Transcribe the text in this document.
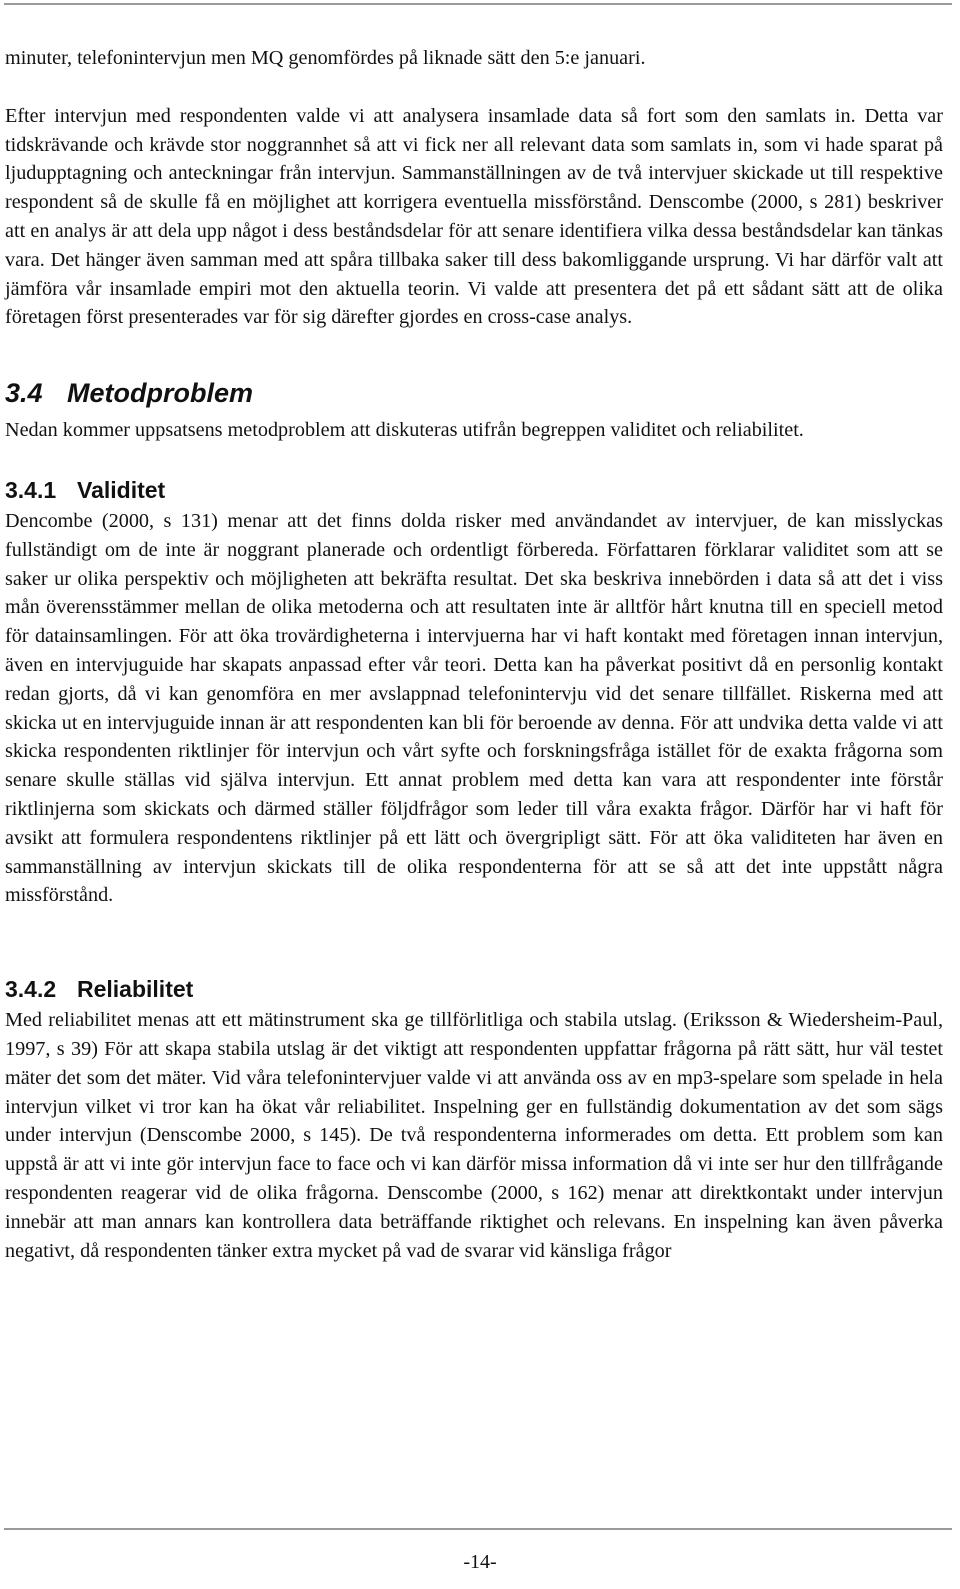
minuter, telefonintervjun men MQ genomfördes på liknade sätt den 5:e januari.

Efter intervjun med respondenten valde vi att analysera insamlade data så fort som den samlats in. Detta var tidskrävande och krävde stor noggrannhet så att vi fick ner all relevant data som samlats in, som vi hade sparat på ljudupptagning och anteckningar från intervjun. Sammanställningen av de två intervjuer skickade ut till respektive respondent så de skulle få en möjlighet att korrigera eventuella missförstånd. Denscombe (2000, s 281) beskriver att en analys är att dela upp något i dess beståndsdelar för att senare identifiera vilka dessa beståndsdelar kan tänkas vara. Det hänger även samman med att spåra tillbaka saker till dess bakomliggande ursprung. Vi har därför valt att jämföra vår insamlade empiri mot den aktuella teorin. Vi valde att presentera det på ett sådant sätt att de olika företagen först presenterades var för sig därefter gjordes en cross-case analys.

3.4 Metodproblem

Nedan kommer uppsatsens metodproblem att diskuteras utifrån begreppen validitet och reliabilitet.

3.4.1 Validitet

Dencombe (2000, s 131) menar att det finns dolda risker med användandet av intervjuer, de kan misslyckas fullständigt om de inte är noggrant planerade och ordentligt förbereda. Författaren förklarar validitet som att se saker ur olika perspektiv och möjligheten att bekräfta resultat. Det ska beskriva innebörden i data så att det i viss mån överensstämmer mellan de olika metoderna och att resultaten inte är alltför hårt knutna till en speciell metod för datainsamlingen. För att öka trovärdigheterna i intervjuerna har vi haft kontakt med företagen innan intervjun, även en intervjuguide har skapats anpassad efter vår teori. Detta kan ha påverkat positivt då en personlig kontakt redan gjorts, då vi kan genomföra en mer avslappnad telefonintervju vid det senare tillfället. Riskerna med att skicka ut en intervjuguide innan är att respondenten kan bli för beroende av denna. För att undvika detta valde vi att skicka respondenten riktlinjer för intervjun och vårt syfte och forskningsfråga istället för de exakta frågorna som senare skulle ställas vid själva intervjun. Ett annat problem med detta kan vara att respondenter inte förstår riktlinjerna som skickats och därmed ställer följdfrågor som leder till våra exakta frågor. Därför har vi haft för avsikt att formulera respondentens riktlinjer på ett lätt och övergripligt sätt. För att öka validiteten har även en sammanställning av intervjun skickats till de olika respondenterna för att se så att det inte uppstått några missförstånd.

3.4.2 Reliabilitet

Med reliabilitet menas att ett mätinstrument ska ge tillförlitliga och stabila utslag. (Eriksson & Wiedersheim-Paul, 1997, s 39) För att skapa stabila utslag är det viktigt att respondenten uppfattar frågorna på rätt sätt, hur väl testet mäter det som det mäter. Vid våra telefonintervjuer valde vi att använda oss av en mp3-spelare som spelade in hela intervjun vilket vi tror kan ha ökat vår reliabilitet. Inspelning ger en fullständig dokumentation av det som sägs under intervjun (Denscombe 2000, s 145). De två respondenterna informerades om detta. Ett problem som kan uppstå är att vi inte gör intervjun face to face och vi kan därför missa information då vi inte ser hur den tillfrågande respondenten reagerar vid de olika frågorna. Denscombe (2000, s 162) menar att direktkontakt under intervjun innebär att man annars kan kontrollera data beträffande riktighet och relevans. En inspelning kan även påverka negativt, då respondenten tänker extra mycket på vad de svarar vid känsliga frågor

-14-
